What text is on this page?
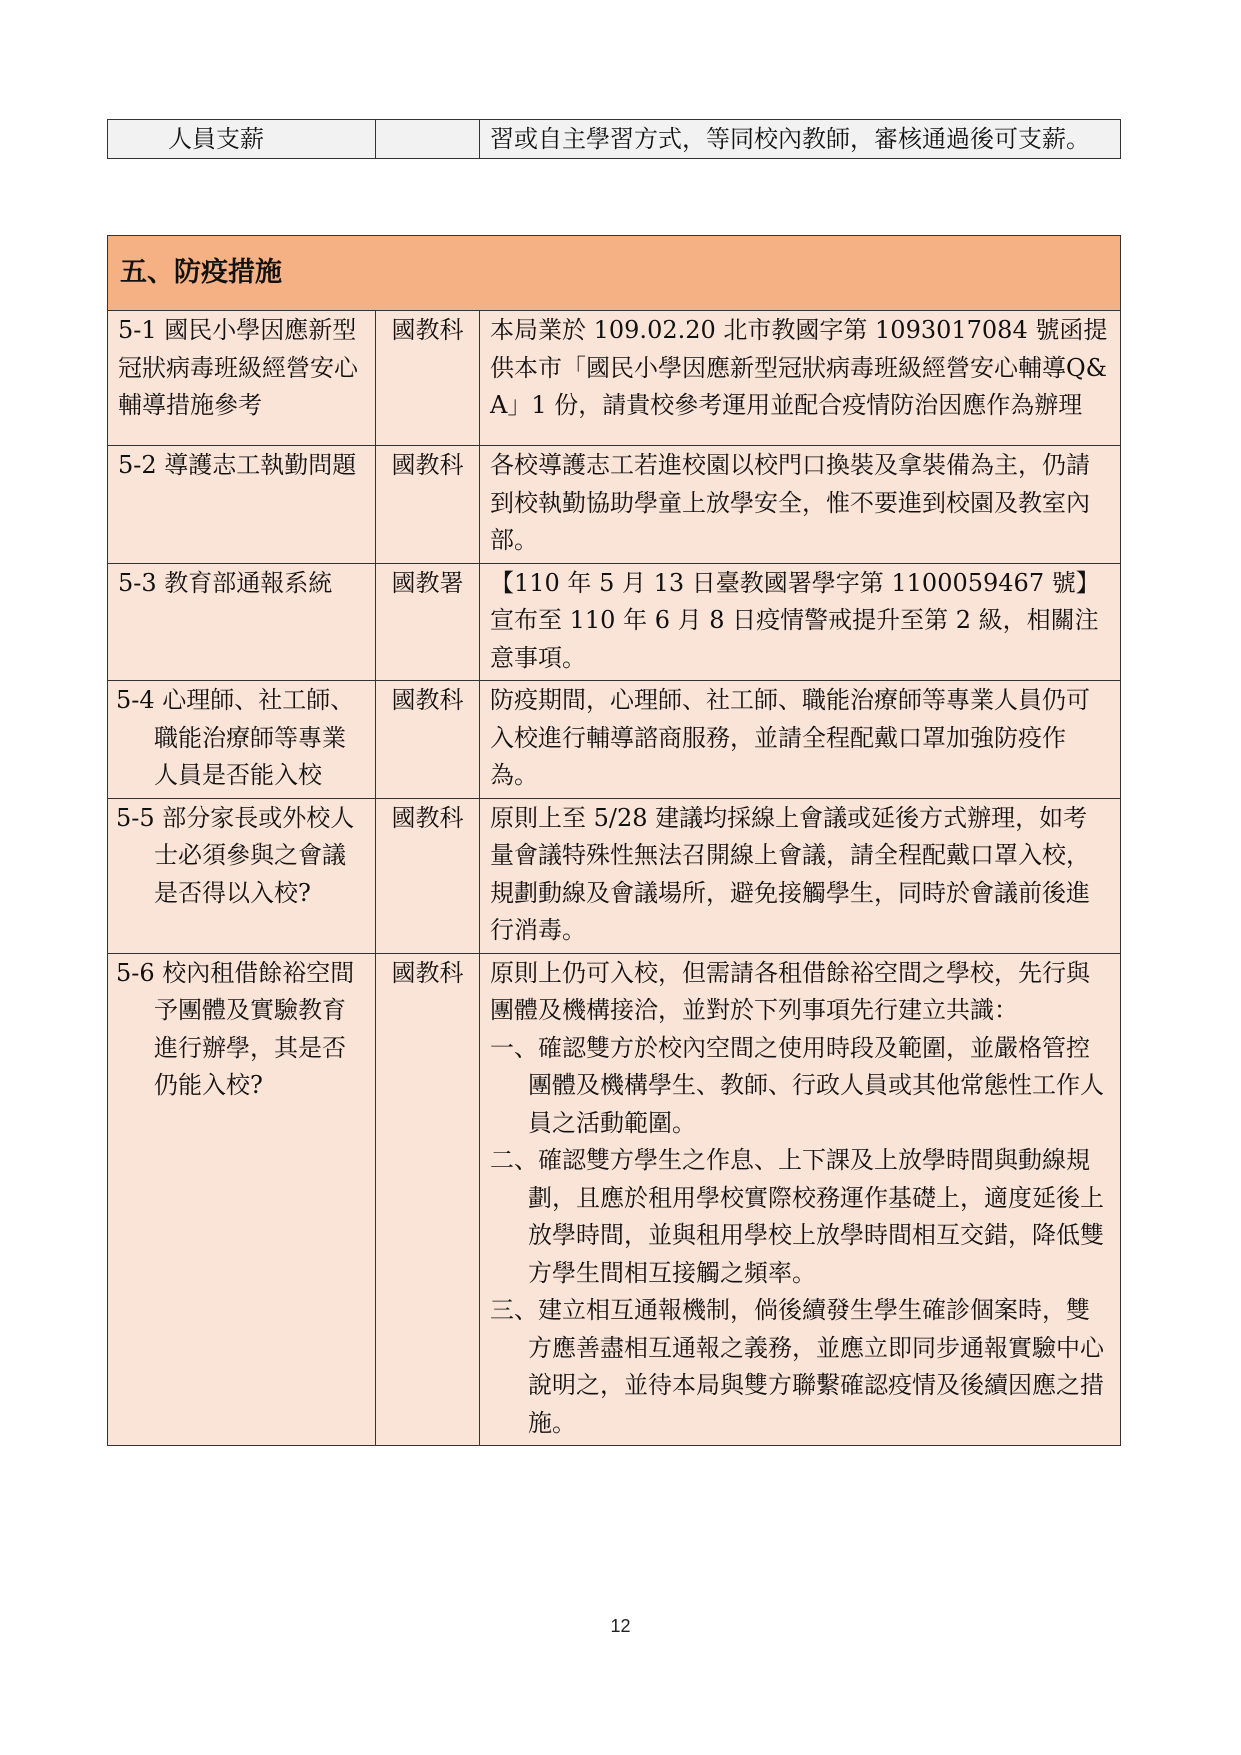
人員支薪		習或自主學習方式，等同校內教師，審核通過後可支薪。
五、防疫措施		
5-1 國民小學因應新型冠狀病毒班級經營安心輔導措施參考	國教科	本局業於 109.02.20 北市教國字第 1093017084 號函提供本市「國民小學因應新型冠狀病毒班級經營安心輔導Q&A」1 份，請貴校參考運用並配合疫情防治因應作為辦理
5-2 導護志工執勤問題	國教科	各校導護志工若進校園以校門口換裝及拿裝備為主，仍請到校執勤協助學童上放學安全，惟不要進到校園及教室內部。
5-3 教育部通報系統	國教署	【110 年 5 月 13 日臺教國署學字第 1100059467 號】宣布至 110 年 6 月 8 日疫情警戒提升至第 2 級，相關注意事項。
5-4 心理師、社工師、職能治療師等專業人員是否能入校	國教科	防疫期間，心理師、社工師、職能治療師等專業人員仍可入校進行輔導諮商服務，並請全程配戴口罩加強防疫作為。
5-5 部分家長或外校人士必須參與之會議是否得以入校?	國教科	原則上至 5/28 建議均採線上會議或延後方式辦理，如考量會議特殊性無法召開線上會議，請全程配戴口罩入校，規劃動線及會議場所，避免接觸學生，同時於會議前後進行消毒。
5-6 校內租借餘裕空間予團體及實驗教育進行辦學，其是否仍能入校?	國教科	原則上仍可入校，但需請各租借餘裕空間之學校，先行與團體及機構接洽，並對於下列事項先行建立共識：
一、確認雙方於校內空間之使用時段及範圍，並嚴格管控團體及機構學生、教師、行政人員或其他常態性工作人員之活動範圍。
二、確認雙方學生之作息、上下課及上放學時間與動線規劃，且應於租用學校實際校務運作基礎上，適度延後上放學時間，並與租用學校上放學時間相互交錯，降低雙方學生間相互接觸之頻率。
三、建立相互通報機制，倘後續發生學生確診個案時，雙方應善盡相互通報之義務，並應立即同步通報實驗中心說明之，並待本局與雙方聯繫確認疫情及後續因應之措施。
12
